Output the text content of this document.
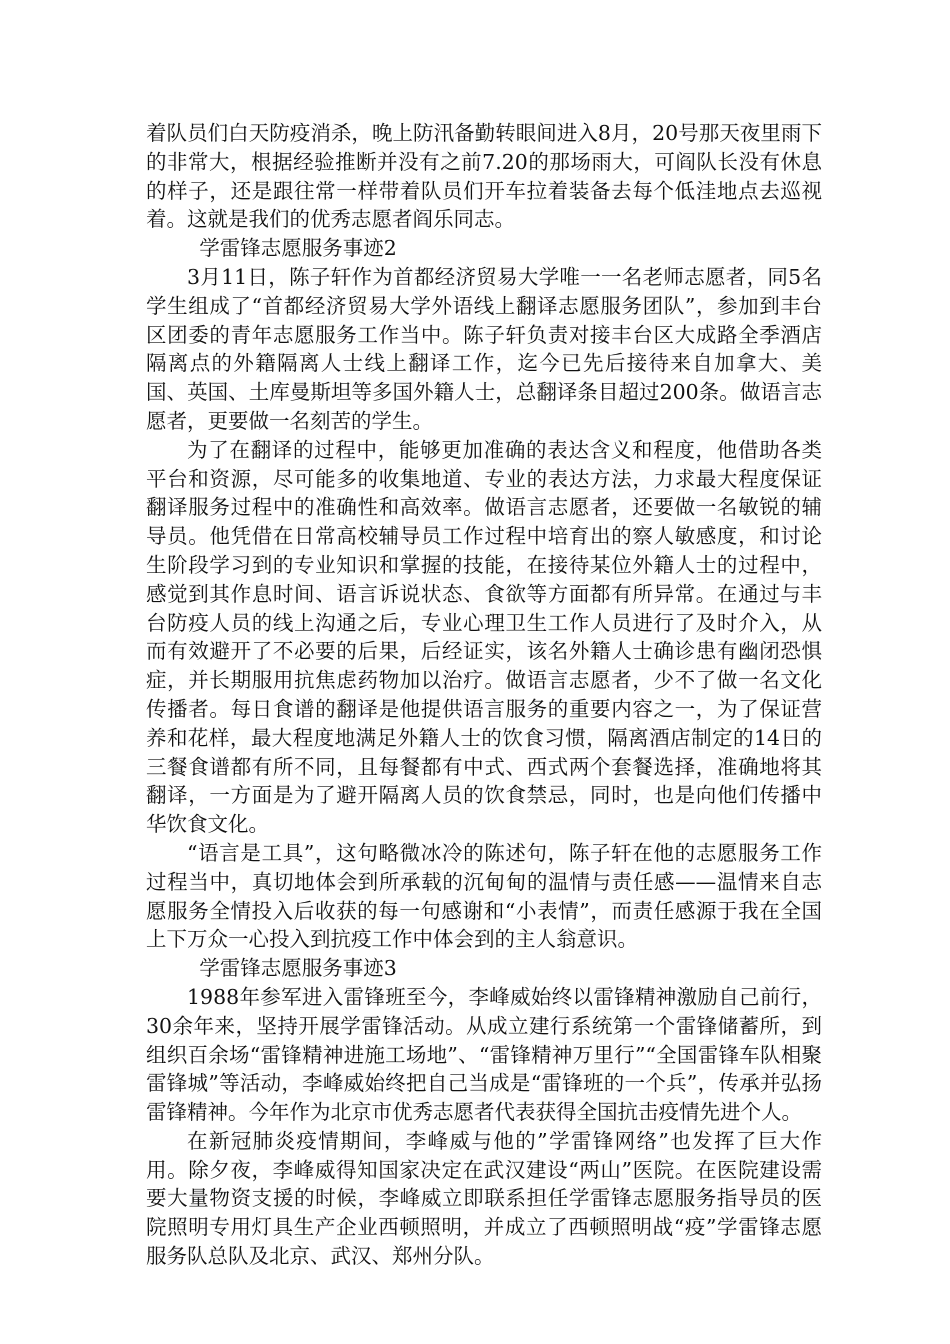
着队员们白天防疫消杀，晚上防汛备勤转眼间进入8月，20号那天夜里雨下的非常大，根据经验推断并没有之前7.20的那场雨大，可阎队长没有休息的样子，还是跟往常一样带着队员们开车拉着装备去每个低洼地点去巡视着。这就是我们的优秀志愿者阎乐同志。

学雷锋志愿服务事迹2

3月11日，陈子轩作为首都经济贸易大学唯一一名老师志愿者，同5名学生组成了“首都经济贸易大学外语线上翻译志愿服务团队”，参加到丰台区团委的青年志愿服务工作当中。陈子轩负责对接丰台区大成路全季酒店隔离点的外籍隔离人士线上翻译工作，迄今已先后接待来自加拿大、美国、英国、土库曼斯坦等多国外籍人士，总翻译条目超过200条。做语言志愿者，更要做一名刻苦的学生。

为了在翻译的过程中，能够更加准确的表达含义和程度，他借助各类平台和资源，尽可能多的收集地道、专业的表达方法，力求最大程度保证翻译服务过程中的准确性和高效率。做语言志愿者，还要做一名敏锐的辅导员。他凭借在日常高校辅导员工作过程中培育出的察人敏感度，和讨论生阶段学习到的专业知识和掌握的技能，在接待某位外籍人士的过程中，感觉到其作息时间、语言诉说状态、食欲等方面都有所异常。在通过与丰台防疫人员的线上沟通之后，专业心理卫生工作人员进行了及时介入，从而有效避开了不必要的后果，后经证实，该名外籍人士确诊患有幽闭恐惧症，并长期服用抗焦虑药物加以治疗。做语言志愿者，少不了做一名文化传播者。每日食谱的翻译是他提供语言服务的重要内容之一，为了保证营养和花样，最大程度地满足外籍人士的饮食习惯，隔离酒店制定的14日的三餐食谱都有所不同，且每餐都有中式、西式两个套餐选择，准确地将其翻译，一方面是为了避开隔离人员的饮食禁忌，同时，也是向他们传播中华饮食文化。

“语言是工具”，这句略微冰冷的陈述句，陈子轩在他的志愿服务工作过程当中，真切地体会到所承载的沉甸甸的温情与责任感——温情来自志愿服务全情投入后收获的每一句感谢和“小表情”，而责任感源于我在全国上下万众一心投入到抗疫工作中体会到的主人翁意识。

学雷锋志愿服务事迹3

1988年参军进入雷锋班至今，李峰威始终以雷锋精神激励自己前行，30余年来，坚持开展学雷锋活动。从成立建行系统第一个雷锋储蓄所，到组织百余场“雷锋精神进施工场地”、“雷锋精神万里行”“全国雷锋车队相聚雷锋城”等活动，李峰威始终把自己当成是“雷锋班的一个兵”，传承并弘扬雷锋精神。今年作为北京市优秀志愿者代表获得全国抗击疫情先进个人。

在新冠肺炎疫情期间，李峰威与他的”学雷锋网络”也发挥了巨大作用。除夕夜，李峰威得知国家决定在武汉建设“两山”医院。在医院建设需要大量物资支援的时候，李峰威立即联系担任学雷锋志愿服务指导员的医院照明专用灯具生产企业西顿照明，并成立了西顿照明战“疫”学雷锋志愿服务队总队及北京、武汉、郑州分队。
